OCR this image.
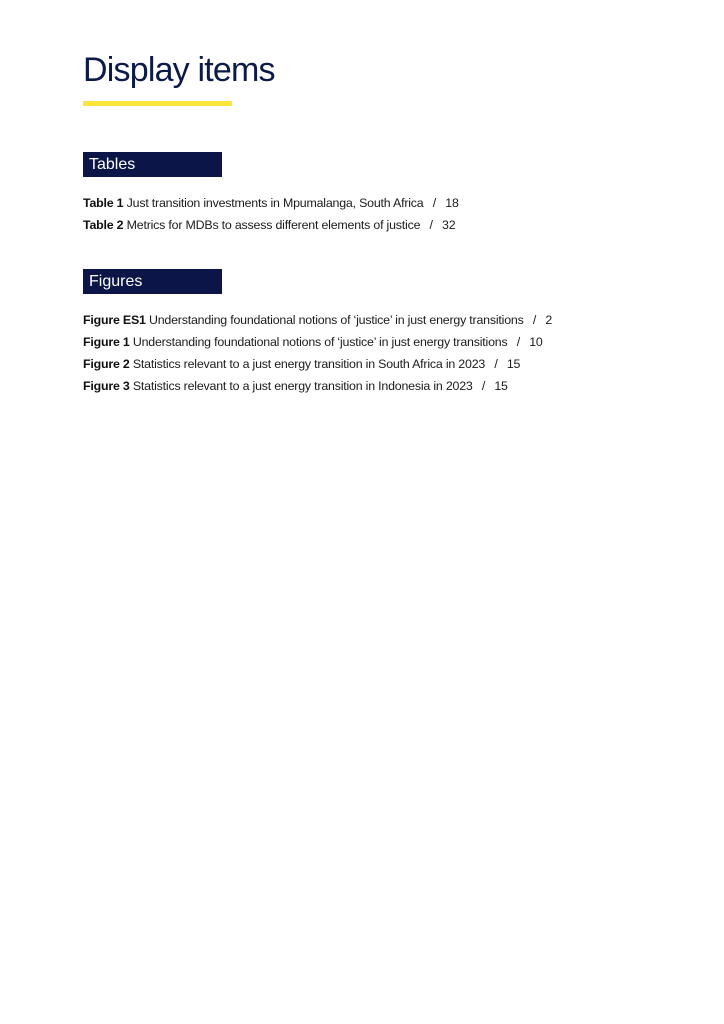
Display items
Tables
Table 1 Just transition investments in Mpumalanga, South Africa / 18
Table 2 Metrics for MDBs to assess different elements of justice / 32
Figures
Figure ES1 Understanding foundational notions of ‘justice’ in just energy transitions / 2
Figure 1 Understanding foundational notions of ‘justice’ in just energy transitions / 10
Figure 2 Statistics relevant to a just energy transition in South Africa in 2023 / 15
Figure 3 Statistics relevant to a just energy transition in Indonesia in 2023 / 15
